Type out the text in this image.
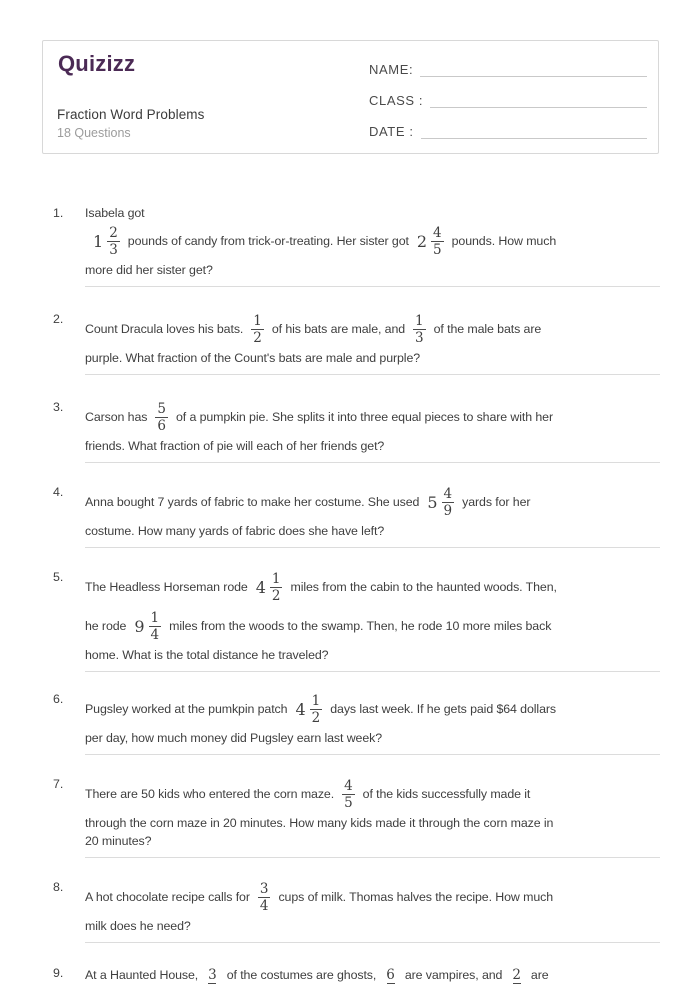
Quizizz
Fraction Word Problems
18 Questions
NAME:
CLASS :
DATE :
1.	Isabela got
$1 \frac{2}{3}$ pounds of candy from trick-or-treating. Her sister got $2 \frac{4}{5}$ pounds. How much
more did her sister get?
2.
Count Dracula loves his bats. $\frac{1}{2}$ of his bats are male, and $\frac{1}{3}$ of the male bats are
purple. What fraction of the Count's bats are male and purple?
3.
Carson has $\frac{5}{6}$ of a pumpkin pie. She splits it into three equal pieces to share with her
friends. What fraction of pie will each of her friends get?
4.
Anna bought 7 yards of fabric to make her costume. She used $5 \frac{4}{9}$ yards for her
costume. How many yards of fabric does she have left?
5.
The Headless Horseman rode $4 \frac{1}{2}$ miles from the cabin to the haunted woods. Then,
he rode $9 \frac{1}{4}$ miles from the woods to the swamp. Then, he rode 10 more miles back
home. What is the total distance he traveled?
6.
Pugsley worked at the pumkpin patch $4 \frac{1}{2}$ days last week. If he gets paid $64 dollars
per day, how much money did Pugsley earn last week?
7.
There are 50 kids who entered the corn maze. $\frac{4}{5}$ of the kids successfully made it
through the corn maze in 20 minutes. How many kids made it through the corn maze in
20 minutes?
8.
A hot chocolate recipe calls for $\frac{3}{4}$ cups of milk. Thomas halves the recipe. How much
milk does he need?
9.	At a Haunted House, 3 of the costumes are ghosts, 6 are vampires, and 2 are
